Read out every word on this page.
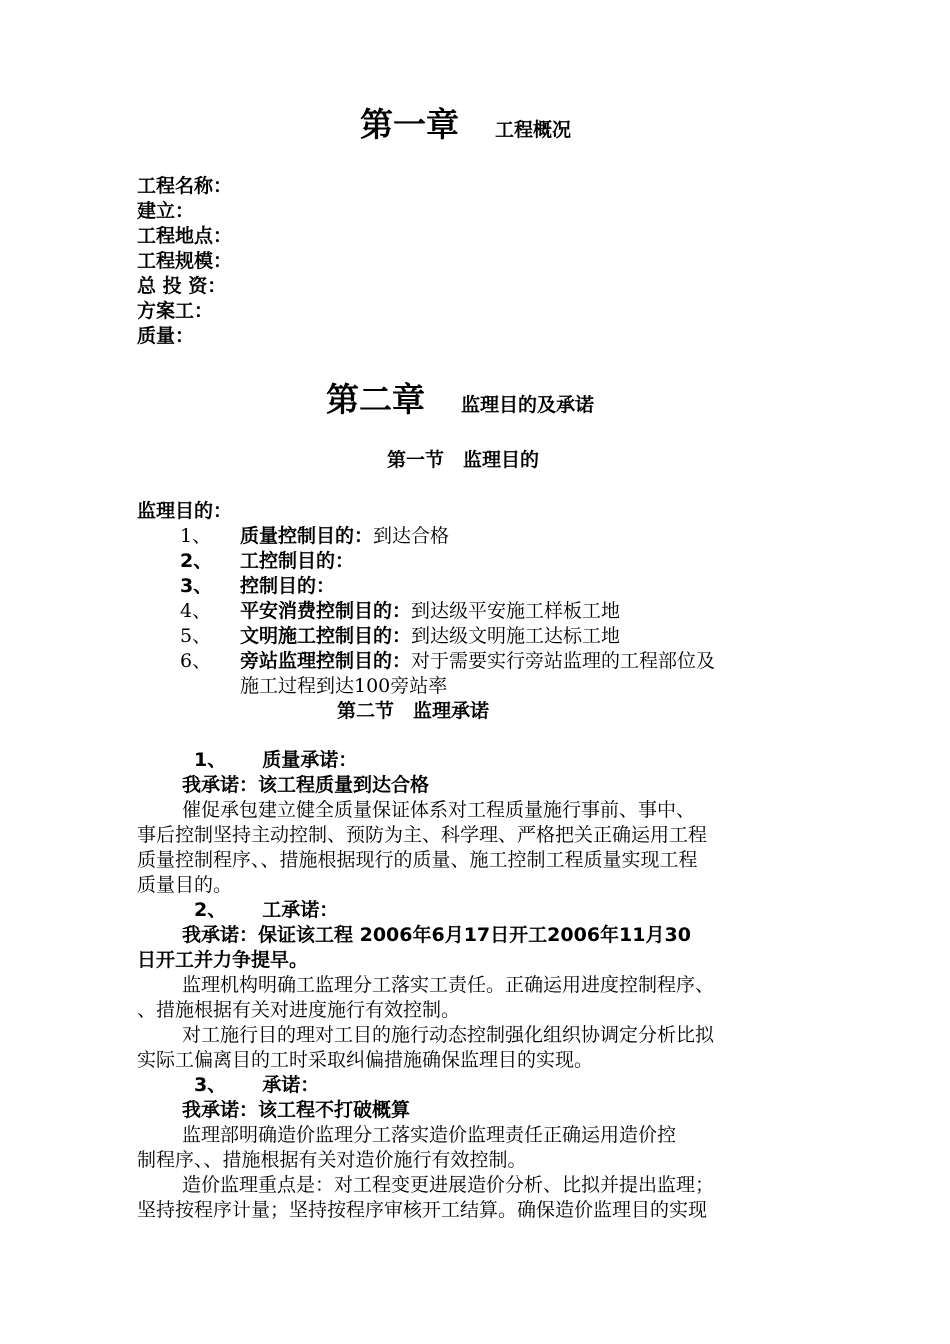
第一章 工程概况
工程名称：
建立：
工程地点：
工程规模：
总 投 资：
方案工：
质量：
第二章 监理目的及承诺
第一节　监理目的
监理目的：
1、 质量控制目的：到达合格
2、 工控制目的：
3、 控制目的：
4、 平安消费控制目的：到达级平安施工样板工地
5、 文明施工控制目的：到达级文明施工达标工地
6、 旁站监理控制目的：对于需要实行旁站监理的工程部位及
施工过程到达100旁站率
第二节　监理承诺
1、 质量承诺：
我承诺：该工程质量到达合格
催促承包建立健全质量保证体系对工程质量施行事前、事中、
事后控制坚持主动控制、预防为主、科学理、严格把关正确运用工程
质量控制程序、、措施根据现行的质量、施工控制工程质量实现工程
质量目的。
2、 工承诺：
我承诺：保证该工程 2006年6月17日开工2006年11月30
日开工并力争提早。
监理机构明确工监理分工落实工责任。正确运用进度控制程序、
、措施根据有关对进度施行有效控制。
对工施行目的理对工目的施行动态控制强化组织协调定分析比拟
实际工偏离目的工时采取纠偏措施确保监理目的实现。
3、 承诺：
我承诺：该工程不打破概算
监理部明确造价监理分工落实造价监理责任正确运用造价控
制程序、、措施根据有关对造价施行有效控制。
造价监理重点是：对工程变更进展造价分析、比拟并提出监理；
坚持按程序计量；坚持按程序审核开工结算。确保造价监理目的实现
